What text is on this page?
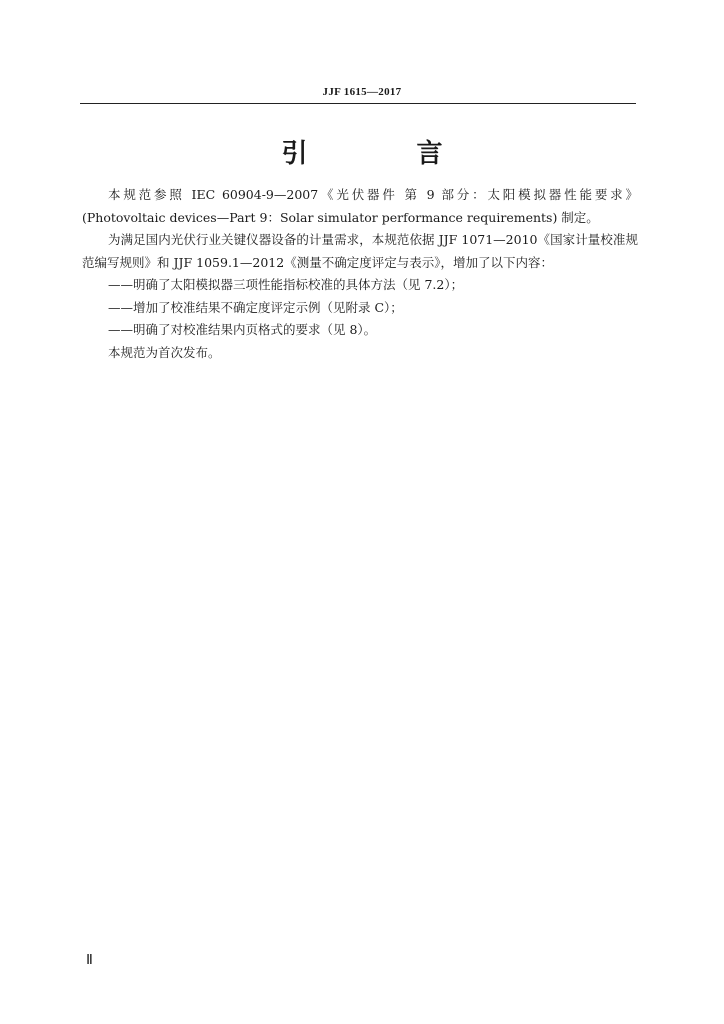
JJF 1615—2017
引 言

本规范参照 IEC 60904-9—2007《光伏器件 第 9 部分：太阳模拟器性能要求》(Photovoltaic devices—Part 9：Solar simulator performance requirements) 制定。

为满足国内光伏行业关键仪器设备的计量需求，本规范依据 JJF 1071—2010《国家计量校准规范编写规则》和 JJF 1059.1—2012《测量不确定度评定与表示》，增加了以下内容：

——明确了太阳模拟器三项性能指标校准的具体方法（见 7.2）；

——增加了校准结果不确定度评定示例（见附录 C）；

——明确了对校准结果内页格式的要求（见 8）。

本规范为首次发布。

Ⅱ
